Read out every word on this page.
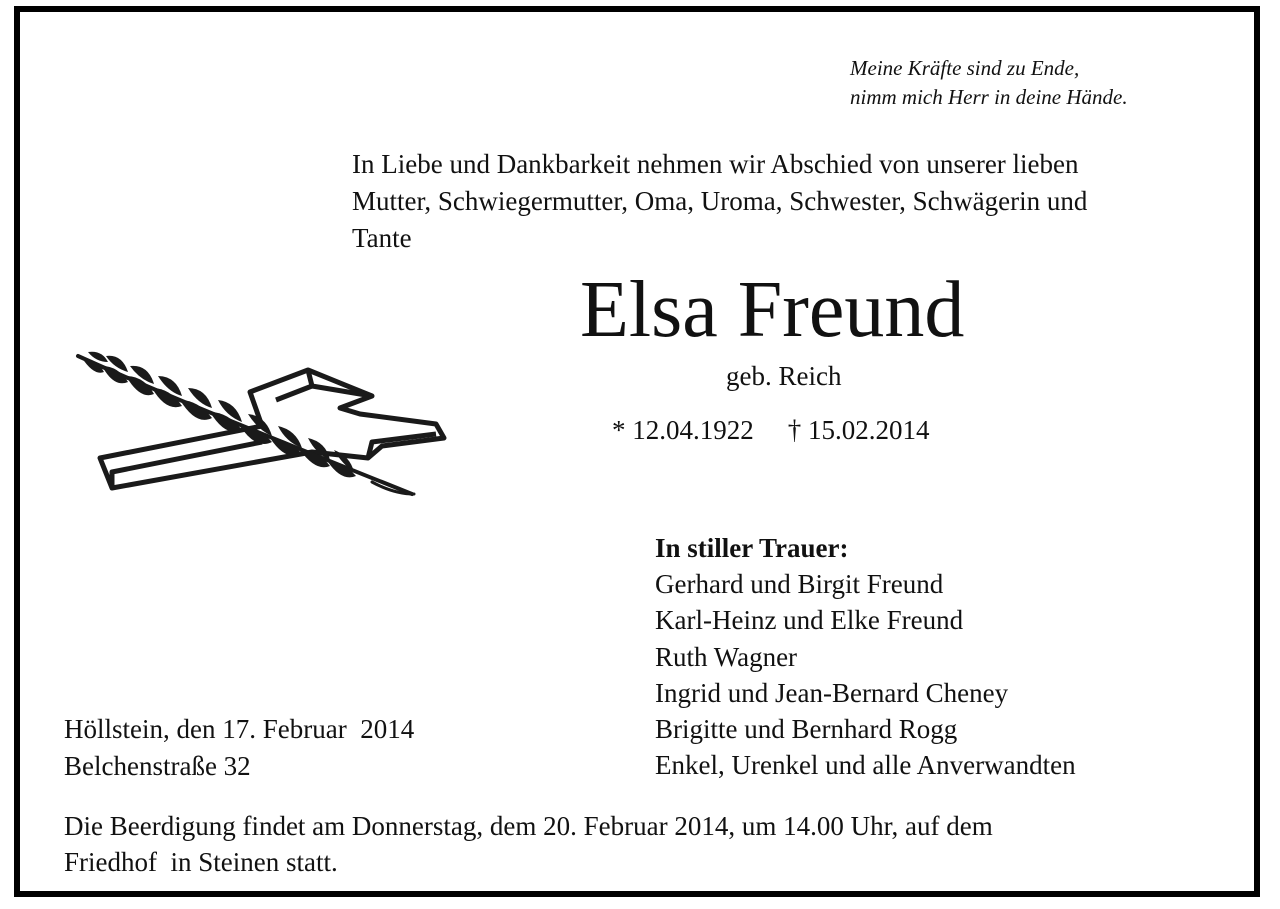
Meine Kräfte sind zu Ende,
nimm mich Herr in deine Hände.
In Liebe und Dankbarkeit nehmen wir Abschied von unserer lieben
Mutter, Schwiegermutter, Oma, Uroma, Schwester, Schwägerin und
Tante
Elsa Freund
geb. Reich
* 12.04.1922 † 15.02.2014
In stiller Trauer:
Gerhard und Birgit Freund
Karl-Heinz und Elke Freund
Ruth Wagner
Ingrid und Jean-Bernard Cheney
Brigitte und Bernhard Rogg
Enkel, Urenkel und alle Anverwandten
Höllstein, den 17. Februar  2014
Belchenstraße 32
Die Beerdigung findet am Donnerstag, dem 20. Februar 2014, um 14.00 Uhr, auf dem
Friedhof  in Steinen statt.
